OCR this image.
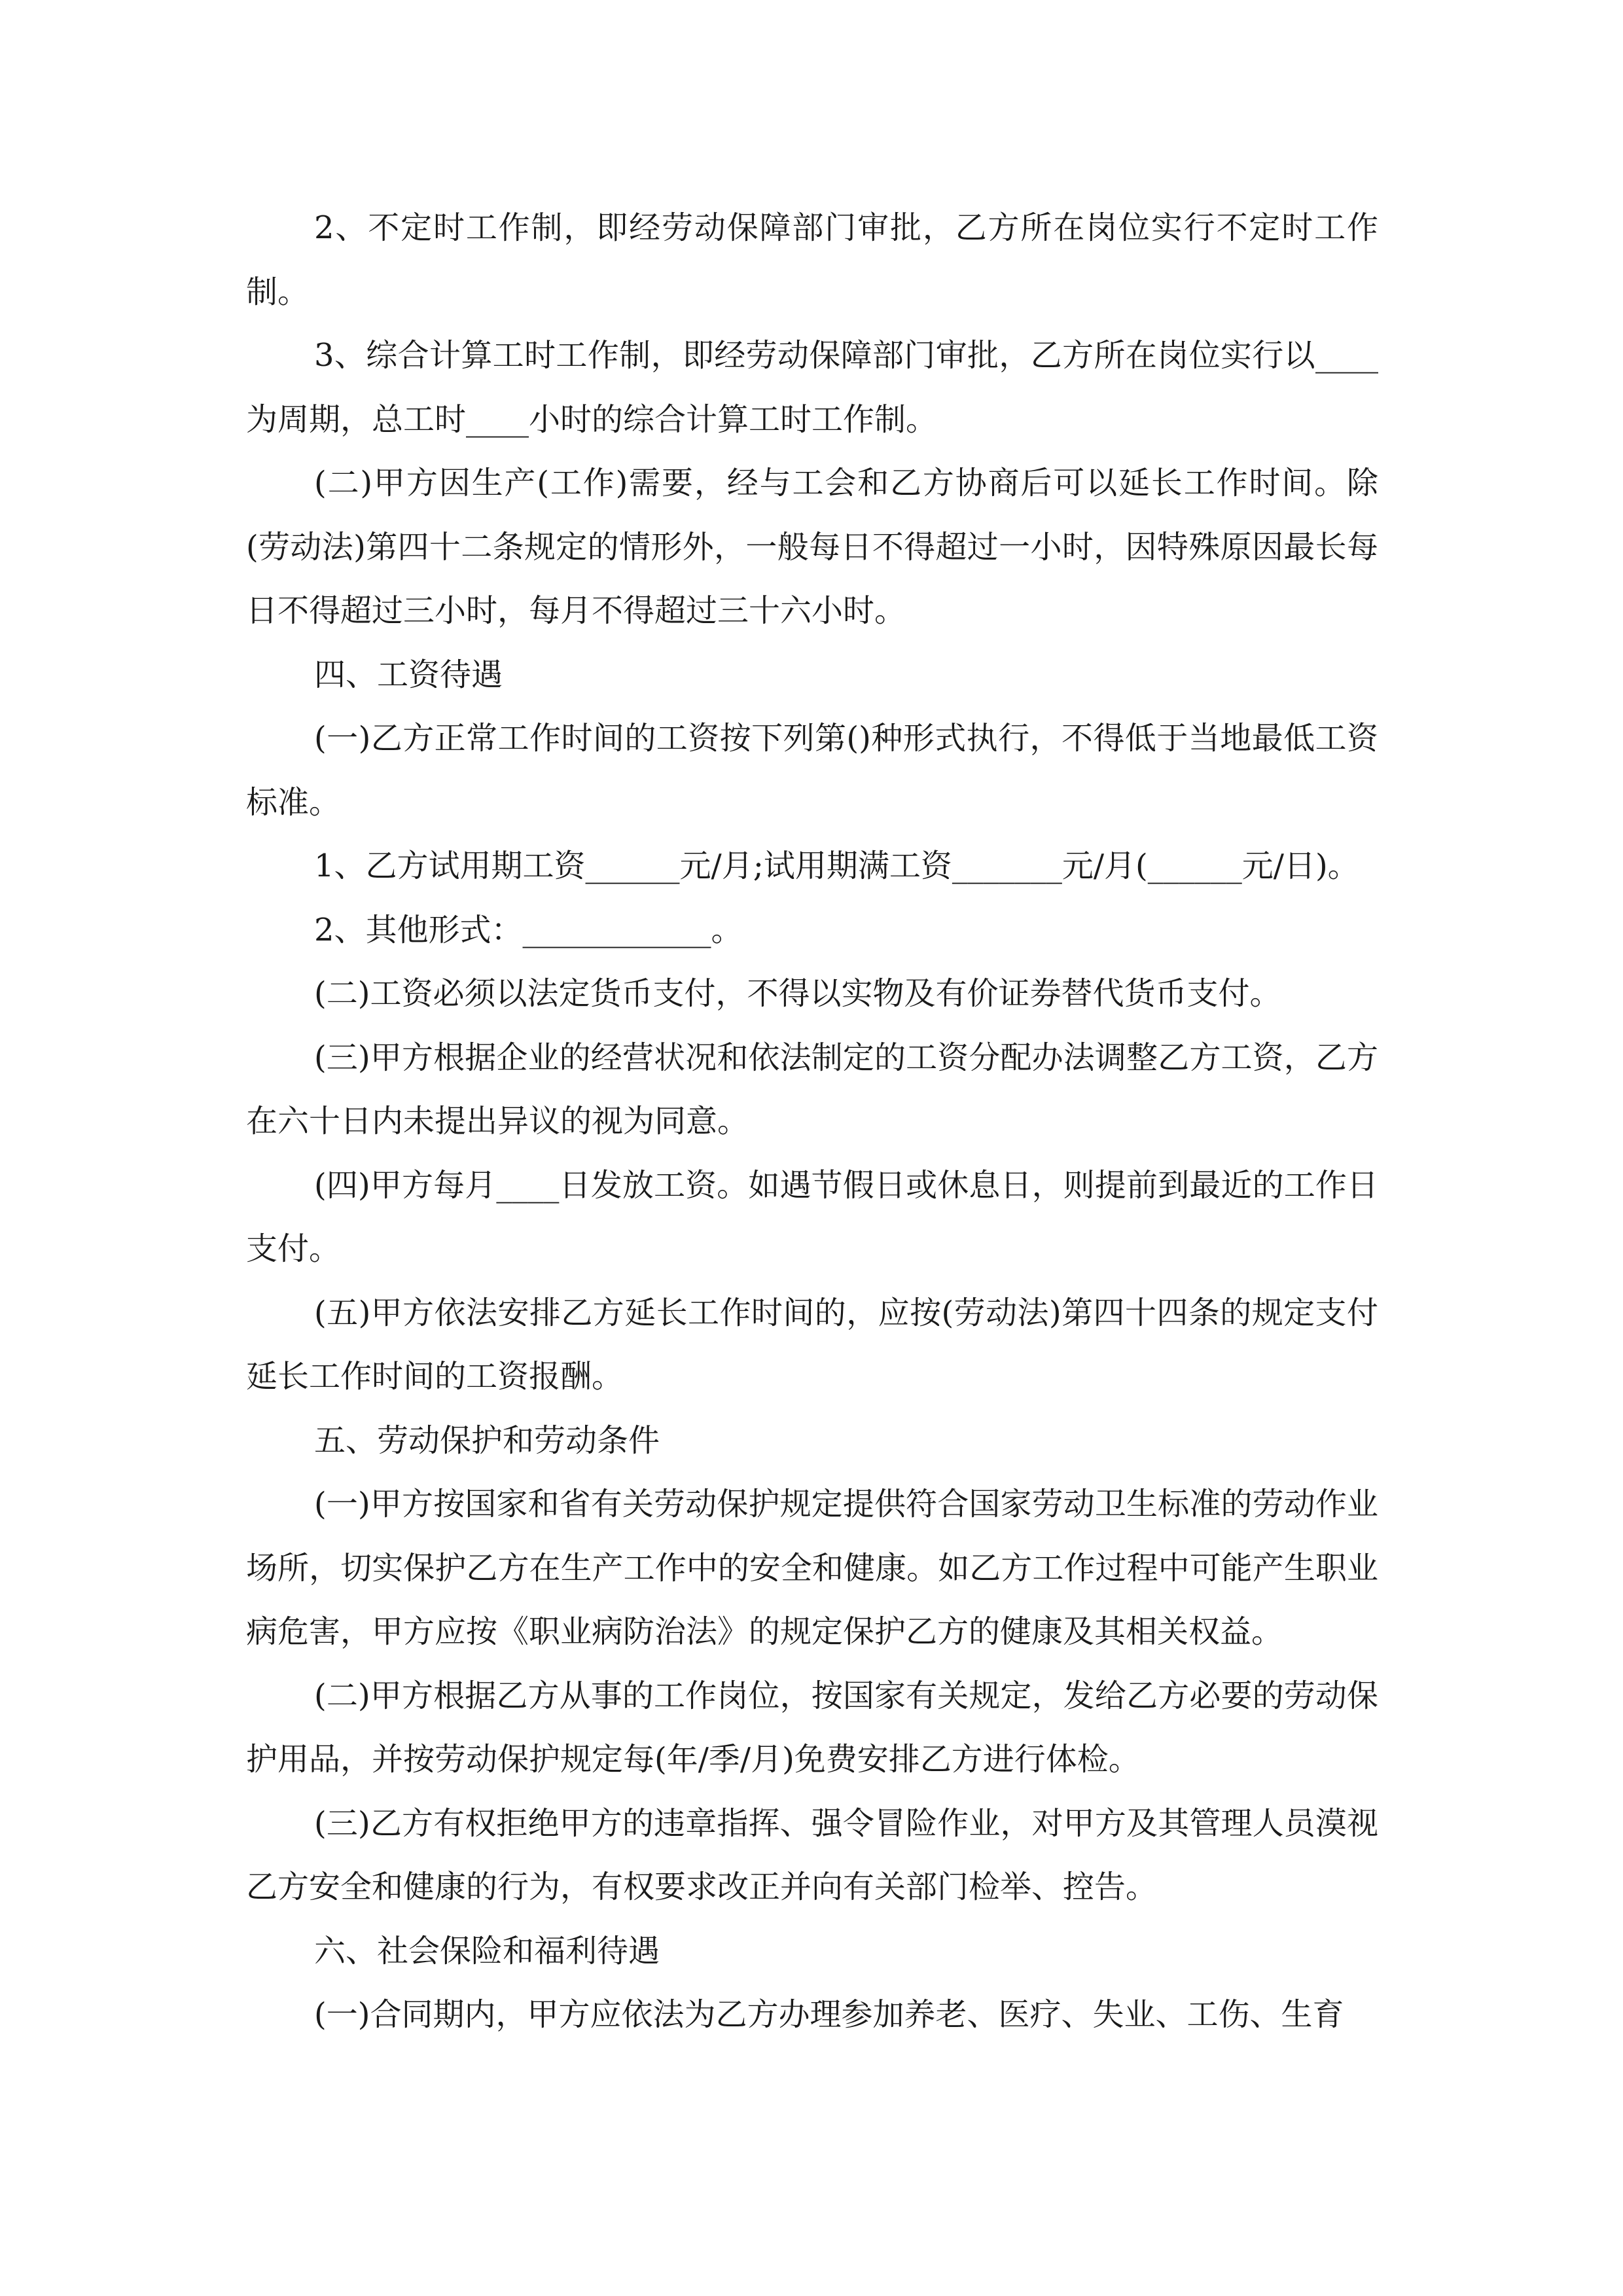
2、不定时工作制，即经劳动保障部门审批，乙方所在岗位实行不定时工作制。

3、综合计算工时工作制，即经劳动保障部门审批，乙方所在岗位实行以____为周期，总工时____小时的综合计算工时工作制。

(二)甲方因生产(工作)需要，经与工会和乙方协商后可以延长工作时间。除(劳动法)第四十二条规定的情形外，一般每日不得超过一小时，因特殊原因最长每日不得超过三小时，每月不得超过三十六小时。

四、工资待遇

(一)乙方正常工作时间的工资按下列第()种形式执行，不得低于当地最低工资标准。

1、乙方试用期工资______元/月;试用期满工资_______元/月(______元/日)。

2、其他形式：____________。

(二)工资必须以法定货币支付，不得以实物及有价证券替代货币支付。

(三)甲方根据企业的经营状况和依法制定的工资分配办法调整乙方工资，乙方在六十日内未提出异议的视为同意。

(四)甲方每月____日发放工资。如遇节假日或休息日，则提前到最近的工作日支付。

(五)甲方依法安排乙方延长工作时间的，应按(劳动法)第四十四条的规定支付延长工作时间的工资报酬。

五、劳动保护和劳动条件

(一)甲方按国家和省有关劳动保护规定提供符合国家劳动卫生标准的劳动作业场所，切实保护乙方在生产工作中的安全和健康。如乙方工作过程中可能产生职业病危害，甲方应按《职业病防治法》的规定保护乙方的健康及其相关权益。

(二)甲方根据乙方从事的工作岗位，按国家有关规定，发给乙方必要的劳动保护用品，并按劳动保护规定每(年/季/月)免费安排乙方进行体检。

(三)乙方有权拒绝甲方的违章指挥、强令冒险作业，对甲方及其管理人员漠视乙方安全和健康的行为，有权要求改正并向有关部门检举、控告。

六、社会保险和福利待遇

(一)合同期内，甲方应依法为乙方办理参加养老、医疗、失业、工伤、生育
